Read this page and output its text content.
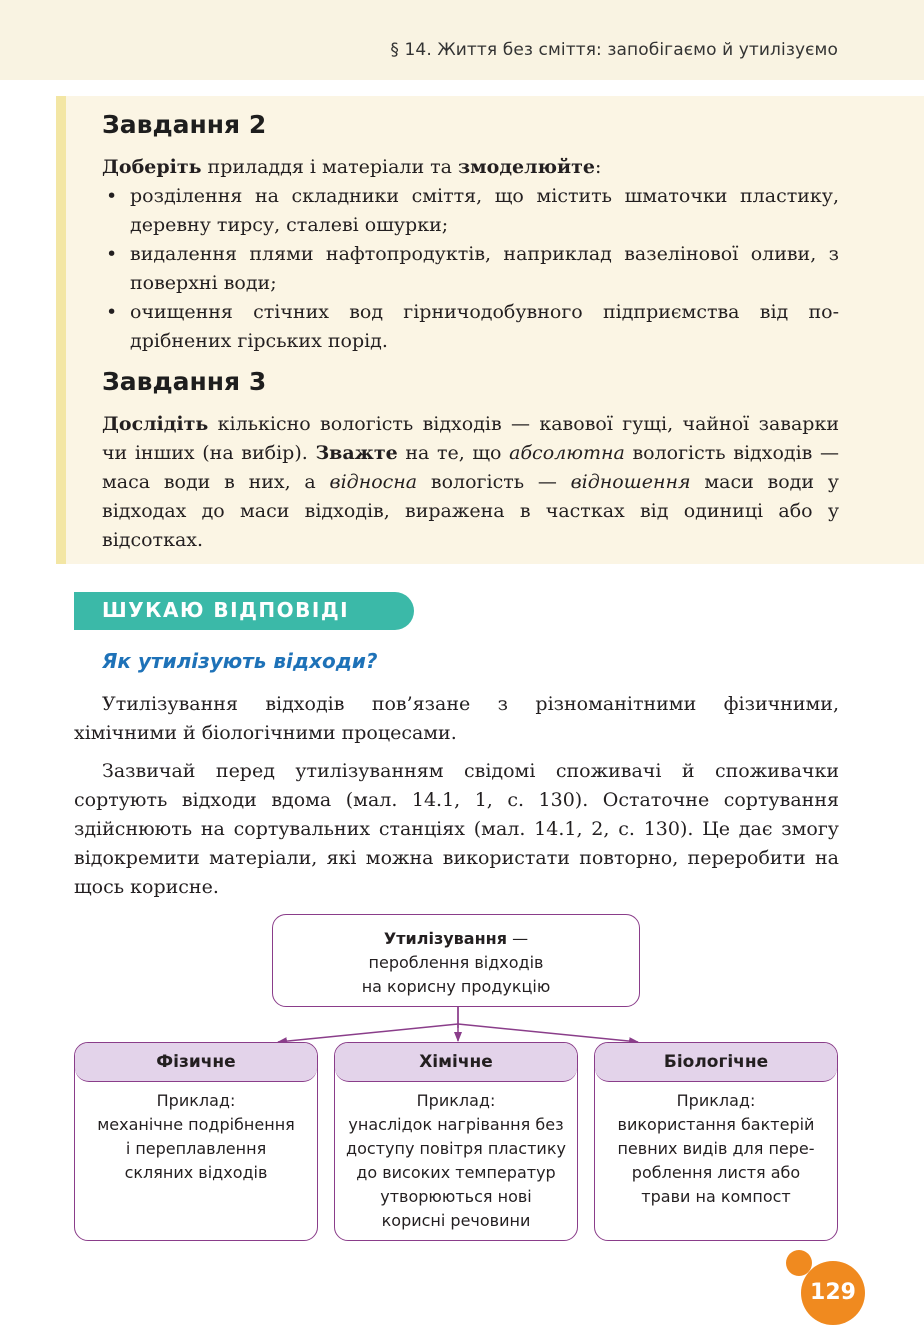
§ 14. Життя без сміття: запобігаємо й утилізуємо
Завдання 2

Доберіть приладдя і матеріали та змоделюйте:

• розділення на складники сміття, що містить шматочки пластику, деревну тирсу, сталеві ошурки;
• видалення плями нафтопродуктів, наприклад вазелінової оливи, з поверхні води;
• очищення стічних вод гірничодобувного підприємства від подрібнених гірських порід.
Завдання 3

Дослідіть кількісно вологість відходів — кавової гущі, чайної заварки чи інших (на вибір). Зважте на те, що абсолютна вологість відходів — маса води в них, а відносна вологість — відношення маси води у відходах до маси відходів, виражена в частках від одиниці або у відсотках.

ШУКАЮ ВІДПОВІДІ
Як утилізують відходи?

Утилізування відходів пов’язане з різноманітними фізичними, хімічними й біологічними процесами.

Зазвичай перед утилізуванням свідомі споживачі й споживачки сортують відходи вдома (мал. 14.1, 1, с. 130). Остаточне сортування здійснюють на сортувальних станціях (мал. 14.1, 2, с. 130). Це дає змогу відокремити матеріали, які можна використати повторно, переробити на щось корисне.

Утилізування —
пероблення відходів
на корисну продукцію
Фізичне
Приклад:
механічне подрібнення
і переплавлення
скляних відходів
Хімічне
Приклад:
унаслідок нагрівання без
доступу повітря пластику
до високих температур
утворюються нові
корисні речовини
Біологічне
Приклад:
використання бактерій
певних видів для пере-
роблення листя або
трави на компост
129
